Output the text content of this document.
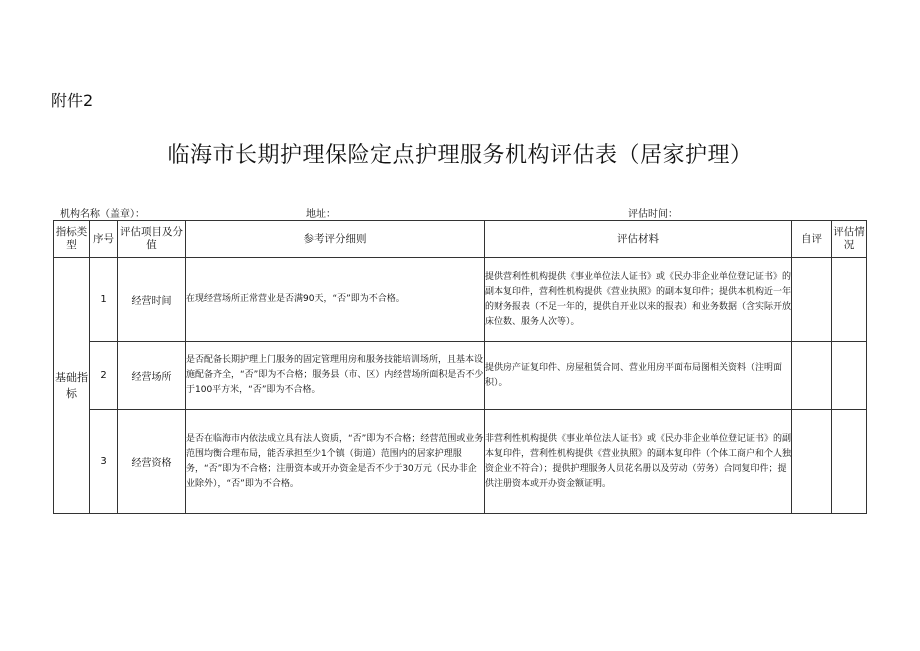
附件2
临海市长期护理保险定点护理服务机构评估表（居家护理）
机构名称（盖章）：	地址：	评估时间：
指标类型	序号	评估项目及分值	参考评分细则	评估材料	自评	评估情况
基础指标	1	经营时间	在现经营场所正常营业是否满90天，“否”即为不合格。	提供营利性机构提供《事业单位法人证书》或《民办非企业单位登记证书》的副本复印件，营利性机构提供《营业执照》的副本复印件；提供本机构近一年的财务报表（不足一年的，提供自开业以来的报表）和业务数据（含实际开放床位数、服务人次等）。		
	2	经营场所	是否配备长期护理上门服务的固定管理用房和服务技能培训场所，且基本设施配备齐全，“否”即为不合格；服务县（市、区）内经营场所面积是否不少于100平方米，“否”即为不合格。	提供房产证复印件、房屋租赁合同、营业用房平面布局图相关资料（注明面积）。		
	3	经营资格	是否在临海市内依法成立具有法人资质，“否”即为不合格；经营范围或业务范围均衡合理布局，能否承担至少1个镇（街道）范围内的居家护理服务，“否”即为不合格；注册资本或开办资金是否不少于30万元（民办非企业除外），“否”即为不合格。	非营利性机构提供《事业单位法人证书》或《民办非企业单位登记证书》的副本复印件，营利性机构提供《营业执照》的副本复印件（个体工商户和个人独资企业不符合）；提供护理服务人员花名册以及劳动（劳务）合同复印件；提供注册资本或开办资金额证明。		
